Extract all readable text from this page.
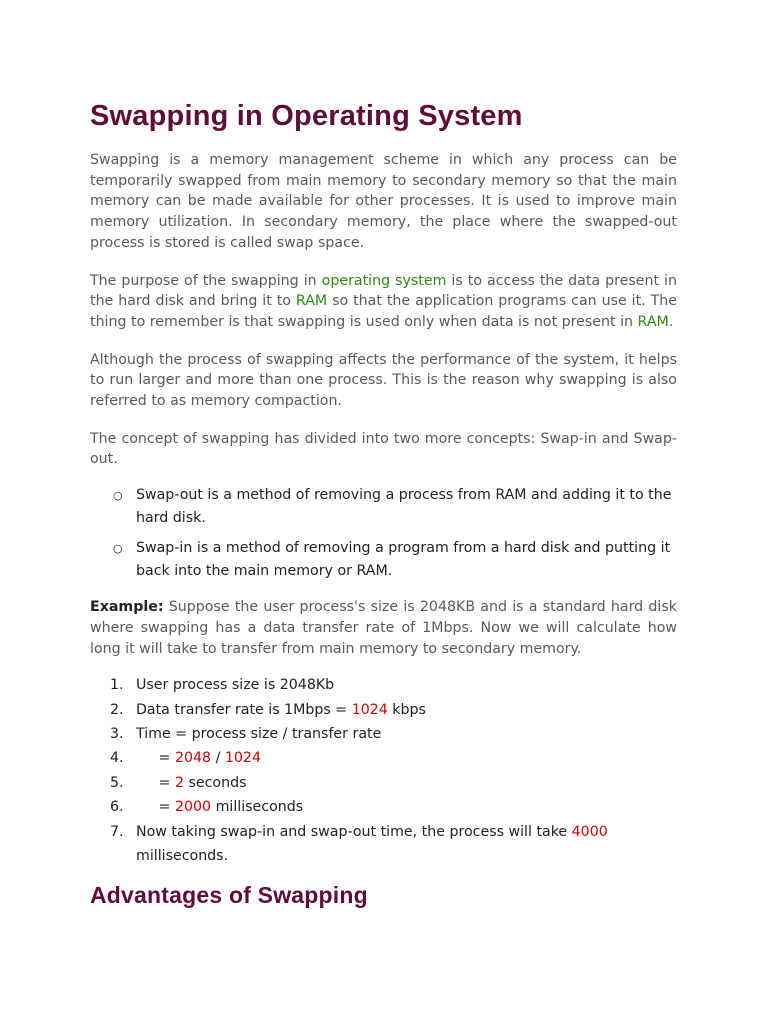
Swapping in Operating System

Swapping is a memory management scheme in which any process can be temporarily swapped from main memory to secondary memory so that the main memory can be made available for other processes. It is used to improve main memory utilization. In secondary memory, the place where the swapped-out process is stored is called swap space.

The purpose of the swapping in operating system is to access the data present in the hard disk and bring it to RAM so that the application programs can use it. The thing to remember is that swapping is used only when data is not present in RAM.

Although the process of swapping affects the performance of the system, it helps to run larger and more than one process. This is the reason why swapping is also referred to as memory compaction.

The concept of swapping has divided into two more concepts: Swap-in and Swap-out.

○ Swap-out is a method of removing a process from RAM and adding it to the hard disk.
○ Swap-in is a method of removing a program from a hard disk and putting it back into the main memory or RAM.

Example: Suppose the user process's size is 2048KB and is a standard hard disk where swapping has a data transfer rate of 1Mbps. Now we will calculate how long it will take to transfer from main memory to secondary memory.

1. User process size is 2048Kb
2. Data transfer rate is 1Mbps = 1024 kbps
3. Time = process size / transfer rate
4. = 2048 / 1024
5. = 2 seconds
6. = 2000 milliseconds
7. Now taking swap-in and swap-out time, the process will take 4000 milliseconds.
Advantages of Swapping
